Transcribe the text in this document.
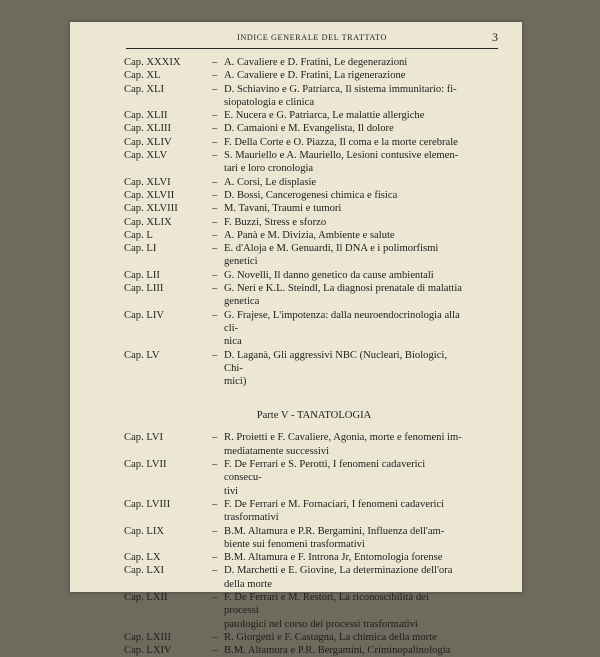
INDICE GENERALE DEL TRATTATO	3
Cap. XXXIX	– A. Cavaliere e D. Fratini, Le degenerazioni
Cap. XL	– A. Cavaliere e D. Fratini, La rigenerazione
Cap. XLI	– D. Schiavino e G. Patriarca, Il sistema immunitario: fi-
siopatologia e clinica
Cap. XLII	– E. Nucera e G. Patriarca, Le malattie allergiche
Cap. XLIII	– D. Camaioni e M. Evangelista, Il dolore
Cap. XLIV	– F. Della Corte e O. Piazza, Il coma e la morte cerebrale
Cap. XLV	– S. Mauriello e A. Mauriello, Lesioni contusive elemen-
tari e loro cronologia
Cap. XLVI	– A. Corsi, Le displasie
Cap. XLVII	– D. Bossi, Cancerogenesi chimica e fisica
Cap. XLVIII	– M. Tavani, Traumi e tumori
Cap. XLIX	– F. Buzzi, Stress e sforzo
Cap. L	– A. Panà e M. Divizia, Ambiente e salute
Cap. LI	– E. d'Aloja e M. Genuardi, Il DNA e i polimorfismi genetici
Cap. LII	– G. Novelli, Il danno genetico da cause ambientali
Cap. LIII	– G. Neri e K.L. Steindl, La diagnosi prenatale di malattia
genetica
Cap. LIV	– G. Frajese, L'impotenza: dalla neuroendocrinologia alla cli-
nica
Cap. LV	– D. Laganà, Gli aggressivi NBC (Nucleari, Biologici, Chi-
mici)
Parte V - TANATOLOGIA
Cap. LVI	– R. Proietti e F. Cavaliere, Agonia, morte e fenomeni im-
mediatamente successivi
Cap. LVII	– F. De Ferrari e S. Perotti, I fenomeni cadaverici consecu-
tivi
Cap. LVIII	– F. De Ferrari e M. Fornaciari, I fenomeni cadaverici
trasformativi
Cap. LIX	– B.M. Altamura e P.R. Bergamini, Influenza dell'am-
biente sui fenomeni trasformativi
Cap. LX	– B.M. Altamura e F. Introna Jr, Entomologia forense
Cap. LXI	– D. Marchetti e E. Giovine, La determinazione dell'ora
della morte
Cap. LXII	– F. De Ferrari e M. Restori, La riconoscibilità dei processi
patologici nel corso dei processi trasformativi
Cap. LXIII	– R. Giorgetti e F. Castagna, La chimica della morte
Cap. LXIV	– B.M. Altamura e P.R. Bergamini, Criminopalinologia
